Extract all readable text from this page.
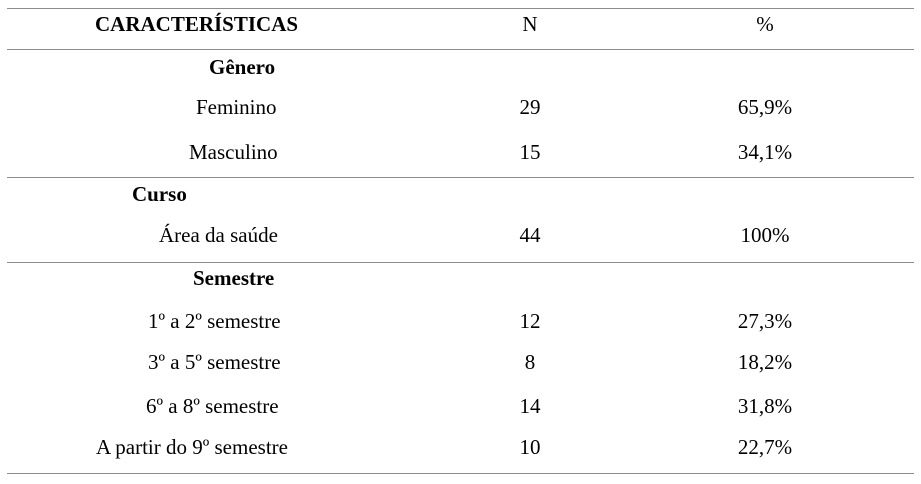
CARACTERÍSTICAS	N	%
Gênero
Feminino	29	65,9%
Masculino	15	34,1%
Curso
Área da saúde	44	100%
Semestre
1º a 2º semestre	12	27,3%
3º a 5º semestre	8	18,2%
6º a 8º semestre	14	31,8%
A partir do 9º semestre	10	22,7%
